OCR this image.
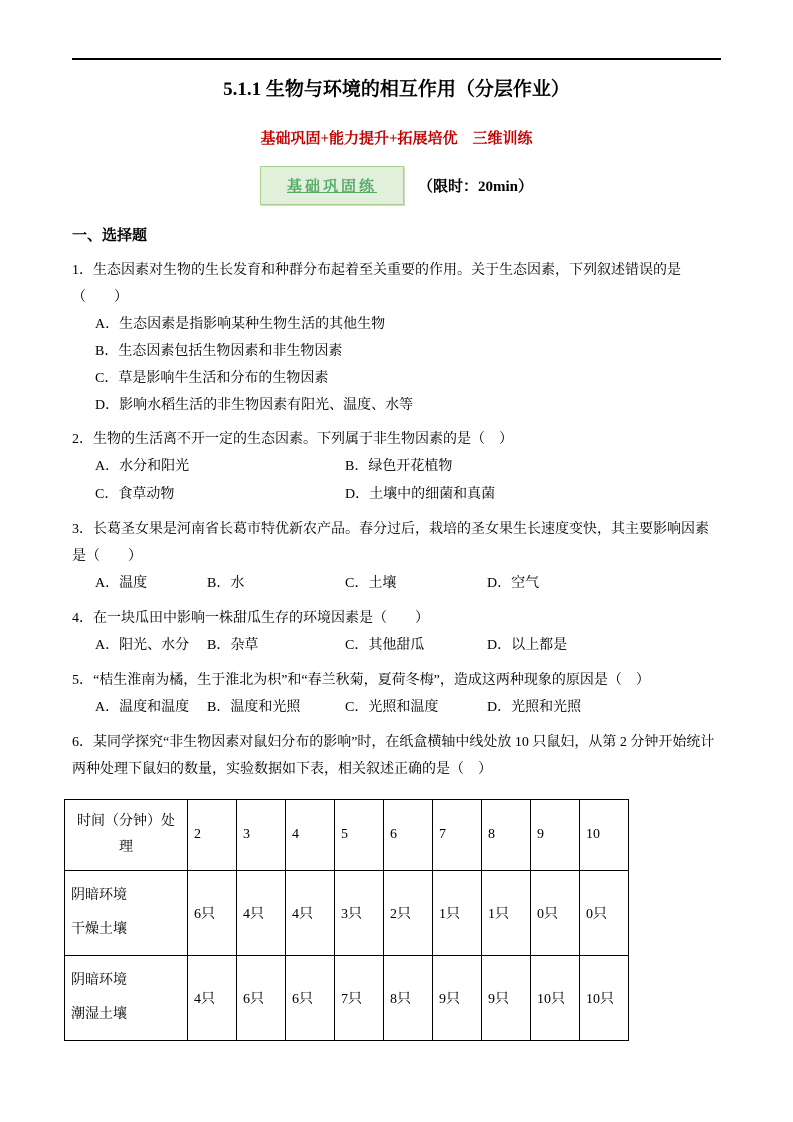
5.1.1 生物与环境的相互作用（分层作业）
基础巩固+能力提升+拓展培优　三维训练
基础巩固练	（限时：20min）
一、选择题

1．生态因素对生物的生长发育和种群分布起着至关重要的作用。关于生态因素，下列叙述错误的是（　　）

A．生态因素是指影响某种生物生活的其他生物

B．生态因素包括生物因素和非生物因素

C．草是影响牛生活和分布的生物因素

D．影响水稻生活的非生物因素有阳光、温度、水等

2．生物的生活离不开一定的生态因素。下列属于非生物因素的是（　）

A．水分和阳光	B．绿色开花植物
C．食草动物	D．土壤中的细菌和真菌

3．长葛圣女果是河南省长葛市特优新农产品。春分过后，栽培的圣女果生长速度变快，其主要影响因素是（　　）

A．温度	B．水	C．土壤	D．空气

4．在一块瓜田中影响一株甜瓜生存的环境因素是（　　）

A．阳光、水分 B．杂草	C．其他甜瓜	D．以上都是

5．“桔生淮南为橘，生于淮北为枳”和“春兰秋菊，夏荷冬梅”，造成这两种现象的原因是（　）

A．温度和温度 B．温度和光照	C．光照和温度	D．光照和光照

6．某同学探究“非生物因素对鼠妇分布的影响”时，在纸盒横轴中线处放 10 只鼠妇，从第 2 分钟开始统计两种处理下鼠妇的数量，实验数据如下表，相关叙述正确的是（　）

时间（分钟）处理	2	3	4	5	6	7	8	9	10

阴暗环境
干燥土壤	6只	4只	4只	3只	2只	1只	1只	0只	0只

阴暗环境
潮湿土壤	4只	6只	6只	7只	8只	9只	9只	10只	10只
